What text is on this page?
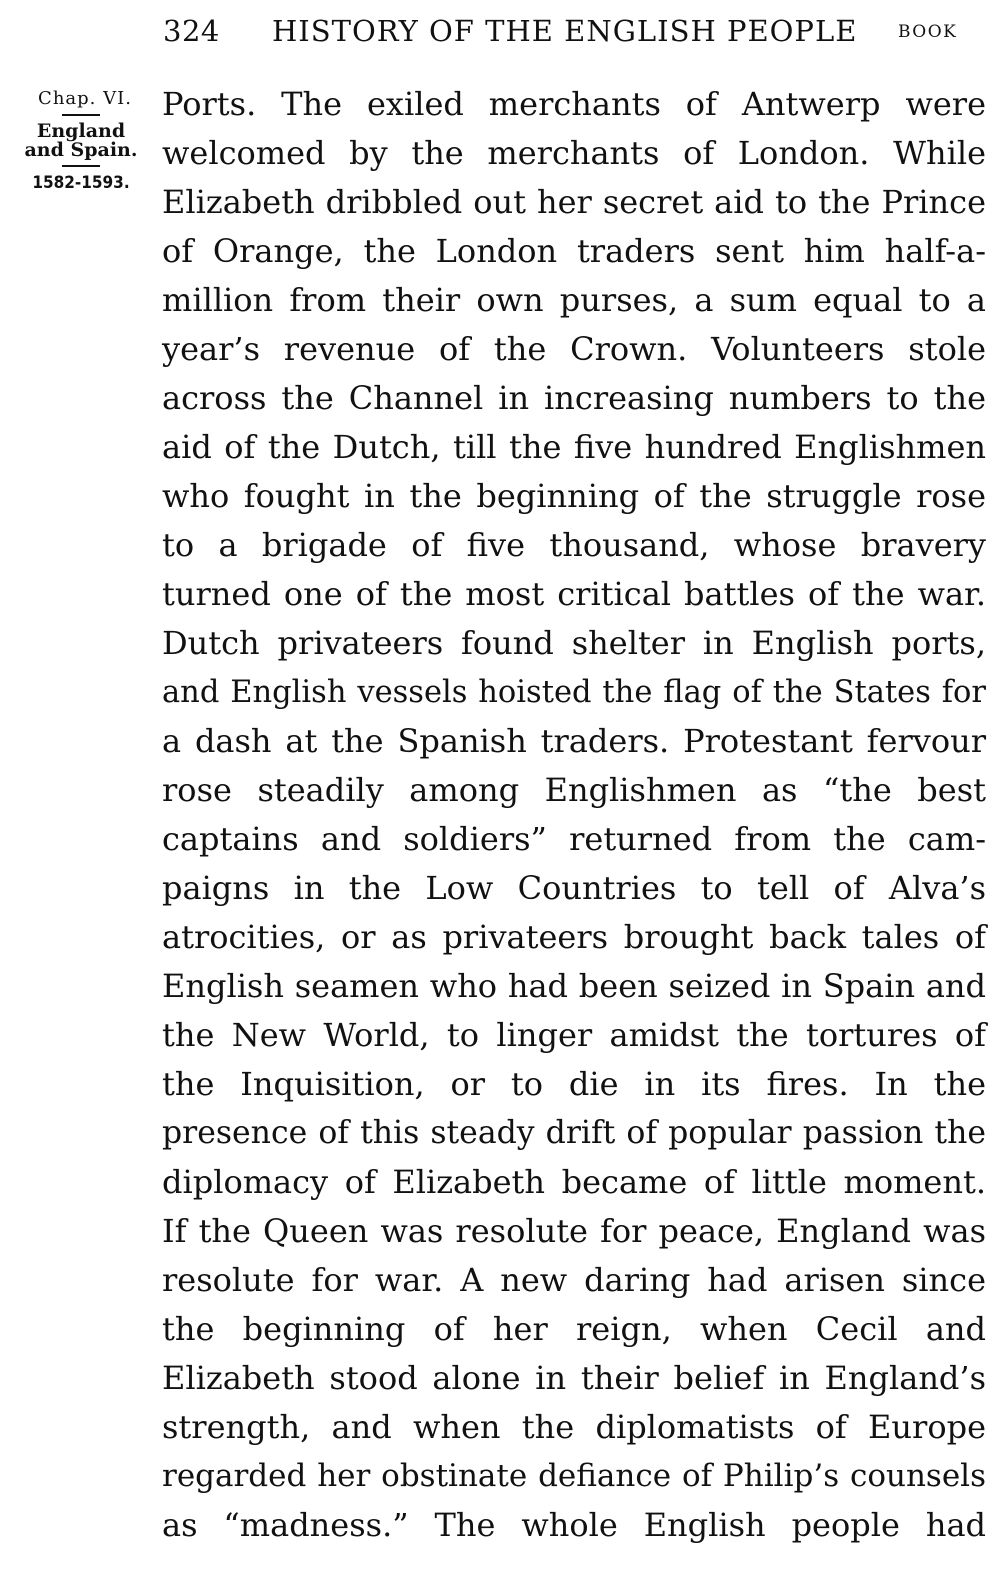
324 HISTORY OF THE ENGLISH PEOPLE BOOK
Chap. VI.
England
and Spain.
1582-1593.
Ports. The exiled merchants of Antwerp were
welcomed by the merchants of London. While
Elizabeth dribbled out her secret aid to the Prince
of Orange, the London traders sent him half-a-
million from their own purses, a sum equal to a
year’s revenue of the Crown. Volunteers stole
across the Channel in increasing numbers to the
aid of the Dutch, till the five hundred Englishmen
who fought in the beginning of the struggle rose
to a brigade of five thousand, whose bravery
turned one of the most critical battles of the war.
Dutch privateers found shelter in English ports,
and English vessels hoisted the flag of the States for
a dash at the Spanish traders. Protestant fervour
rose steadily among Englishmen as “the best
captains and soldiers” returned from the cam-
paigns in the Low Countries to tell of Alva’s
atrocities, or as privateers brought back tales of
English seamen who had been seized in Spain and
the New World, to linger amidst the tortures of
the Inquisition, or to die in its fires. In the
presence of this steady drift of popular passion the
diplomacy of Elizabeth became of little moment.
If the Queen was resolute for peace, England was
resolute for war. A new daring had arisen since
the beginning of her reign, when Cecil and
Elizabeth stood alone in their belief in England’s
strength, and when the diplomatists of Europe
regarded her obstinate defiance of Philip’s counsels
as “madness.” The whole English people had
